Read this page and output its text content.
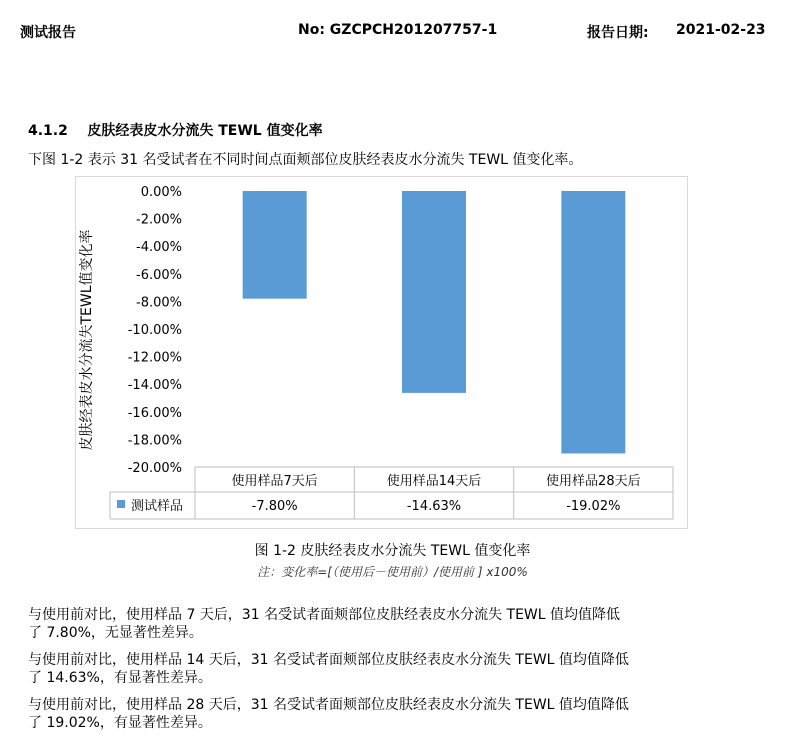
测试报告	No: GZCPCH201207757-1	报告日期: 2021-02-23
4.1.2 皮肤经表皮水分流失 TEWL 值变化率
下图 1-2 表示 31 名受试者在不同时间点面颊部位皮肤经表皮水分流失 TEWL 值变化率。
皮肤经表皮水分流失TEWL值变化率
0.00%
-2.00%
-4.00%
-6.00%
-8.00%
-10.00%
-12.00%
-14.00%
-16.00%
-18.00%
-20.00%
使用样品7天后	使用样品14天后	使用样品28天后
测试样品	-7.80%	-14.63%	-19.02%
图 1-2 皮肤经表皮水分流失 TEWL 值变化率
注：变化率=[（使用后－使用前）/使用前 ] x100%
与使用前对比，使用样品 7 天后，31 名受试者面颊部位皮肤经表皮水分流失 TEWL 值均值降低
了 7.80%，无显著性差异。
与使用前对比，使用样品 14 天后，31 名受试者面颊部位皮肤经表皮水分流失 TEWL 值均值降低
了 14.63%，有显著性差异。
与使用前对比，使用样品 28 天后，31 名受试者面颊部位皮肤经表皮水分流失 TEWL 值均值降低
了 19.02%，有显著性差异。
